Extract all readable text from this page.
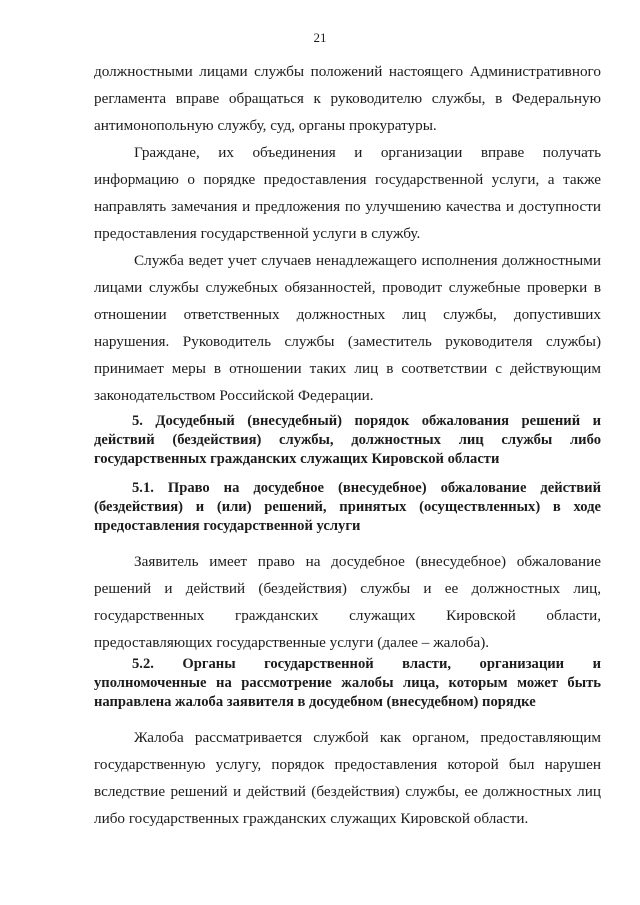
21
должностными лицами службы положений настоящего Административного
регламента вправе обращаться к руководителю службы, в Федеральную
антимонопольную службу, суд, органы прокуратуры.
Граждане, их объединения и организации вправе получать
информацию о порядке предоставления государственной услуги, а также
направлять замечания и предложения по улучшению качества и доступности
предоставления государственной услуги в службу.
Служба ведет учет случаев ненадлежащего исполнения должностными
лицами службы служебных обязанностей, проводит служебные проверки в
отношении ответственных должностных лиц службы, допустивших
нарушения. Руководитель службы (заместитель руководителя службы)
принимает меры в отношении таких лиц в соответствии с действующим
законодательством Российской Федерации.
5. Досудебный (внесудебный) порядок обжалования решений и
действий (бездействия) службы, должностных лиц службы либо
государственных гражданских служащих Кировской области
5.1. Право на досудебное (внесудебное) обжалование действий
(бездействия) и (или) решений, принятых (осуществленных) в ходе
предоставления государственной услуги
Заявитель имеет право на досудебное (внесудебное) обжалование
решений и действий (бездействия) службы и ее должностных лиц,
государственных гражданских служащих Кировской области,
предоставляющих государственные услуги (далее – жалоба).
5.2. Органы государственной власти, организации и
уполномоченные на рассмотрение жалобы лица, которым может быть
направлена жалоба заявителя в досудебном (внесудебном) порядке
Жалоба рассматривается службой как органом, предоставляющим
государственную услугу, порядок предоставления которой был нарушен
вследствие решений и действий (бездействия) службы, ее должностных лиц
либо государственных гражданских служащих Кировской области.
